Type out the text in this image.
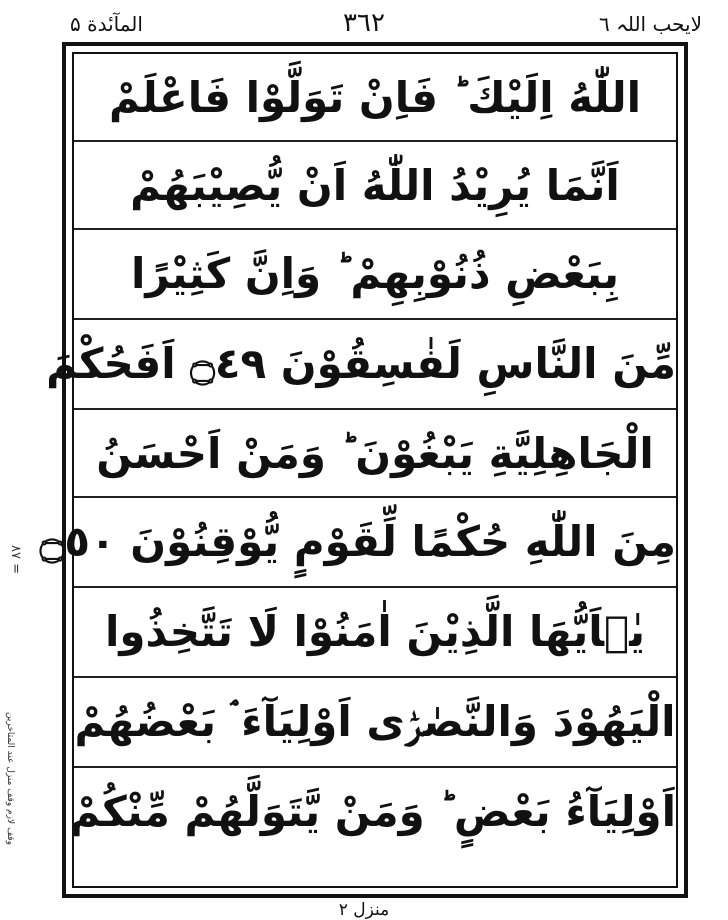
لایحب اللہ ٦
٣٦٢
المآىٔدة ۵
٨٧ =
وقف لازم وقف منزل عند المتاخرین
اللّٰهُ اِلَيْكَ ؕ فَاِنْ تَوَلَّوْا فَاعْلَمْ
اَنَّمَا يُرِيْدُ اللّٰهُ اَنْ يُّصِيْبَهُمْ
بِبَعْضِ ذُنُوْبِهِمْ ؕ وَاِنَّ كَثِيْرًا
مِّنَ النَّاسِ لَفٰسِقُوْنَ ۝٤٩ اَفَحُكْمَ
الْجَاهِلِيَّةِ يَبْغُوْنَ ؕ وَمَنْ اَحْسَنُ
مِنَ اللّٰهِ حُكْمًا لِّقَوْمٍ يُّوْقِنُوْنَ ۝٥٠
يٰۤاَيُّهَا الَّذِيْنَ اٰمَنُوْا لَا تَتَّخِذُوا
الْيَهُوْدَ وَالنَّصٰرٰۤى اَوْلِيَآءَ ۘ بَعْضُهُمْ
اَوْلِيَآءُ بَعْضٍ ؕ وَمَنْ يَّتَوَلَّهُمْ مِّنْكُمْ
منزل ٢
